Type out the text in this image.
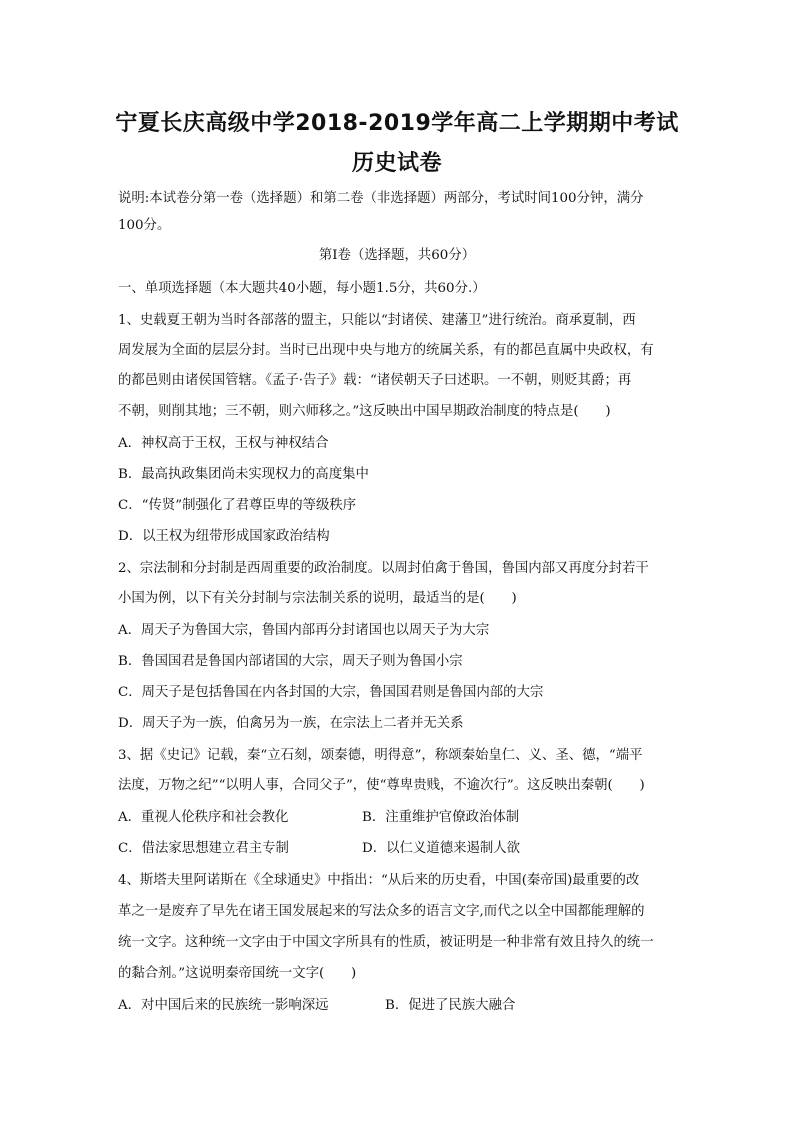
宁夏长庆高级中学2018-2019学年高二上学期期中考试
历史试卷
说明:本试卷分第一卷（选择题）和第二卷（非选择题）两部分，考试时间100分钟，满分
100分。
第Ⅰ卷（选择题，共60分）
一、单项选择题（本大题共40小题，每小题1.5分，共60分.）
1、史载夏王朝为当时各部落的盟主，只能以“封诸侯、建藩卫”进行统治。商承夏制，西
周发展为全面的层层分封。当时已出现中央与地方的统属关系，有的都邑直属中央政权，有
的都邑则由诸侯国管辖。《孟子·告子》载：“诸侯朝天子曰述职。一不朝，则贬其爵；再
不朝，则削其地；三不朝，则六师移之。”这反映出中国早期政治制度的特点是(　　)
A．神权高于王权，王权与神权结合
B．最高执政集团尚未实现权力的高度集中
C．“传贤”制强化了君尊臣卑的等级秩序
D．以王权为纽带形成国家政治结构
2、宗法制和分封制是西周重要的政治制度。以周封伯禽于鲁国，鲁国内部又再度分封若干
小国为例，以下有关分封制与宗法制关系的说明，最适当的是(　　)
A．周天子为鲁国大宗，鲁国内部再分封诸国也以周天子为大宗
B．鲁国国君是鲁国内部诸国的大宗，周天子则为鲁国小宗
C．周天子是包括鲁国在内各封国的大宗，鲁国国君则是鲁国内部的大宗
D．周天子为一族，伯禽另为一族，在宗法上二者并无关系
3、据《史记》记载，秦“立石刻，颂秦德，明得意”，称颂秦始皇仁、义、圣、德，“端平
法度，万物之纪”“以明人事，合同父子”，使“尊卑贵贱，不逾次行”。这反映出秦朝(　　)
A．重视人伦秩序和社会教化	B．注重维护官僚政治体制
C．借法家思想建立君主专制	D．以仁义道德来遏制人欲
4、斯塔夫里阿诺斯在《全球通史》中指出：“从后来的历史看，中国(秦帝国)最重要的改
革之一是废弃了早先在诸王国发展起来的写法众多的语言文字,而代之以全中国都能理解的
统一文字。这种统一文字由于中国文字所具有的性质，被证明是一种非常有效且持久的统一
的黏合剂。”这说明秦帝国统一文字(　　)
A．对中国后来的民族统一影响深远	B．促进了民族大融合
